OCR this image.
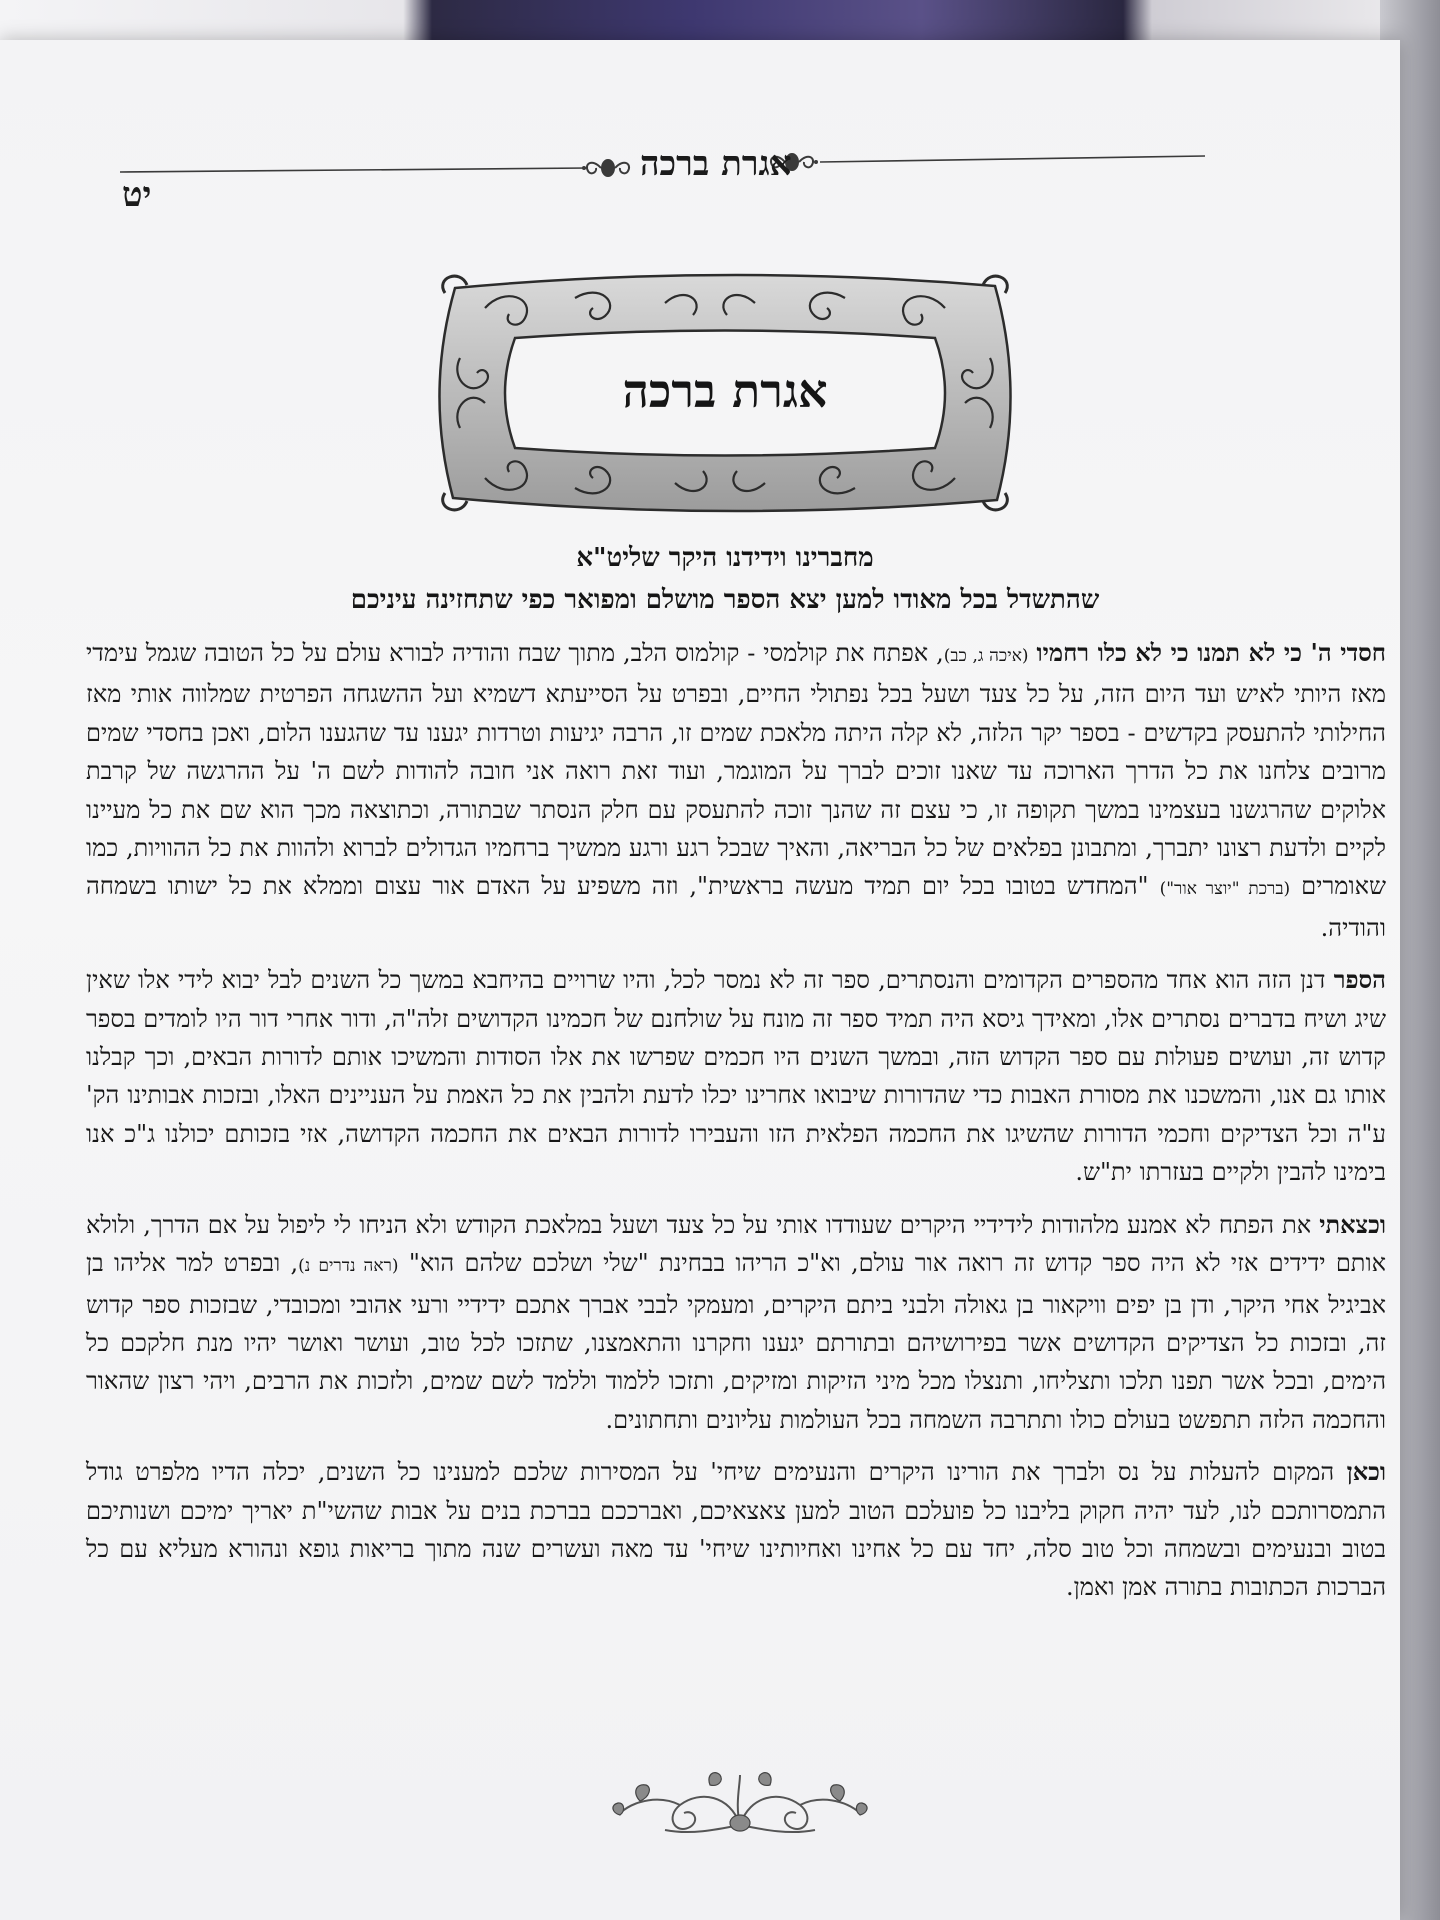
אגרת ברכה
יט
אגרת ברכה
מחברינו וידידנו היקר שליט"א
שהתשדל בכל מאודו למען יצא הספר מושלם ומפואר כפי שתחזינה עיניכם

חסדי ה' כי לא תמנו כי לא כלו רחמיו (איכה ג, כב), אפתח את קולמסי - קולמוס הלב, מתוך שבח והודיה לבורא עולם על כל הטובה שגמל עימדי מאז היותי לאיש ועד היום הזה, על כל צעד ושעל בכל נפתולי החיים, ובפרט על הסייעתא דשמיא ועל ההשגחה הפרטית שמלווה אותי מאז החילותי להתעסק בקדשים - בספר יקר הלזה, לא קלה היתה מלאכת שמים זו, הרבה יגיעות וטרדות יגענו עד שהגענו הלום, ואכן בחסדי שמים מרובים צלחנו את כל הדרך הארוכה עד שאנו זוכים לברך על המוגמר, ועוד זאת רואה אני חובה להודות לשם ה' על ההרגשה של קרבת אלוקים שהרגשנו בעצמינו במשך תקופה זו, כי עצם זה שהנך זוכה להתעסק עם חלק הנסתר שבתורה, וכתוצאה מכך הוא שם את כל מעיינו לקיים ולדעת רצונו יתברך, ומתבונן בפלאים של כל הבריאה, והאיך שבכל רגע ורגע ממשיך ברחמיו הגדולים לברוא ולהוות את כל ההוויות, כמו שאומרים (ברכת "יוצר אור") "המחדש בטובו בכל יום תמיד מעשה בראשית", וזה משפיע על האדם אור עצום וממלא את כל ישותו בשמחה והודיה.

הספר דנן הזה הוא אחד מהספרים הקדומים והנסתרים, ספר זה לא נמסר לכל, והיו שרויים בהיחבא במשך כל השנים לבל יבוא לידי אלו שאין שיג ושיח בדברים נסתרים אלו, ומאידך גיסא היה תמיד ספר זה מונח על שולחנם של חכמינו הקדושים זלה"ה, ודור אחרי דור היו לומדים בספר קדוש זה, ועושים פעולות עם ספר הקדוש הזה, ובמשך השנים היו חכמים שפרשו את אלו הסודות והמשיכו אותם לדורות הבאים, וכך קבלנו אותו גם אנו, והמשכנו את מסורת האבות כדי שהדורות שיבואו אחרינו יכלו לדעת ולהבין את כל האמת על העניינים האלו, ובזכות אבותינו הק' ע"ה וכל הצדיקים וחכמי הדורות שהשיגו את החכמה הפלאית הזו והעבירו לדורות הבאים את החכמה הקדושה, אזי בזכותם יכולנו ג"כ אנו בימינו להבין ולקיים בעזרתו ית"ש.

וכצאתי את הפתח לא אמנע מלהודות לידידיי היקרים שעודדו אותי על כל צעד ושעל במלאכת הקודש ולא הניחו לי ליפול על אם הדרך, ולולא אותם ידידים אזי לא היה ספר קדוש זה רואה אור עולם, וא"כ הריהו בבחינת "שלי ושלכם שלהם הוא" (ראה נדרים נ), ובפרט למר אליהו בן אביגיל אחי היקר, ודן בן יפים וויקאור בן גאולה ולבני ביתם היקרים, ומעמקי לבבי אברך אתכם ידידיי ורעי אהובי ומכובדי, שבזכות ספר קדוש זה, ובזכות כל הצדיקים הקדושים אשר בפירושיהם ובתורתם יגענו וחקרנו והתאמצנו, שתזכו לכל טוב, ועושר ואושר יהיו מנת חלקכם כל הימים, ובכל אשר תפנו תלכו ותצליחו, ותנצלו מכל מיני הזיקות ומזיקים, ותזכו ללמוד וללמד לשם שמים, ולזכות את הרבים, ויהי רצון שהאור והחכמה הלזה תתפשט בעולם כולו ותתרבה השמחה בכל העולמות עליונים ותחתונים.

וכאן המקום להעלות על נס ולברך את הורינו היקרים והנעימים שיחי' על המסירות שלכם למענינו כל השנים, יכלה הדיו מלפרט גודל התמסרותכם לנו, לעד יהיה חקוק בליבנו כל פועלכם הטוב למען צאצאיכם, ואברככם בברכת בנים על אבות שהשי"ת יאריך ימיכם ושנותיכם בטוב ובנעימים ובשמחה וכל טוב סלה, יחד עם כל אחינו ואחיותינו שיחי' עד מאה ועשרים שנה מתוך בריאות גופא ונהורא מעליא עם כל הברכות הכתובות בתורה אמן ואמן.
